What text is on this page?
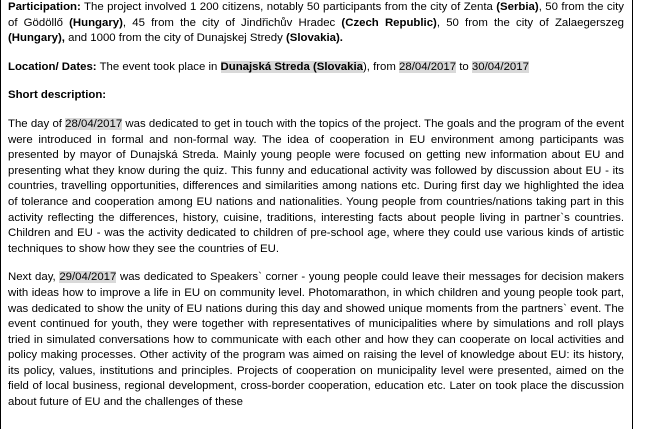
Participation: The project involved 1 200 citizens, notably 50 participants from the city of Zenta (Serbia), 50 from the city of Gödöllő (Hungary), 45 from the city of Jindřichův Hradec (Czech Republic), 50 from the city of Zalaegerszeg (Hungary), and 1000 from the city of Dunajskej Stredy (Slovakia).

Location/ Dates: The event took place in Dunajská Streda (Slovakia), from 28/04/2017 to 30/04/2017

Short description:

The day of 28/04/2017 was dedicated to get in touch with the topics of the project. The goals and the program of the event were introduced in formal and non-formal way. The idea of cooperation in EU environment among participants was presented by mayor of Dunajská Streda. Mainly young people were focused on getting new information about EU and presenting what they know during the quiz. This funny and educational activity was followed by discussion about EU - its countries, travelling opportunities, differences and similarities among nations etc. During first day we highlighted the idea of tolerance and cooperation among EU nations and nationalities. Young people from countries/nations taking part in this activity reflecting the differences, history, cuisine, traditions, interesting facts about people living in partner`s countries. Children and EU - was the activity dedicated to children of pre-school age, where they could use various kinds of artistic techniques to show how they see the countries of EU.

Next day, 29/04/2017 was dedicated to Speakers` corner - young people could leave their messages for decision makers with ideas how to improve a life in EU on community level. Photomarathon, in which children and young people took part, was dedicated to show the unity of EU nations during this day and showed unique moments from the partners` event. The event continued for youth, they were together with representatives of municipalities where by simulations and roll plays tried in simulated conversations how to communicate with each other and how they can cooperate on local activities and policy making processes. Other activity of the program was aimed on raising the level of knowledge about EU: its history, its policy, values, institutions and principles. Projects of cooperation on municipality level were presented, aimed on the field of local business, regional development, cross-border cooperation, education etc. Later on took place the discussion about future of EU and the challenges of these
